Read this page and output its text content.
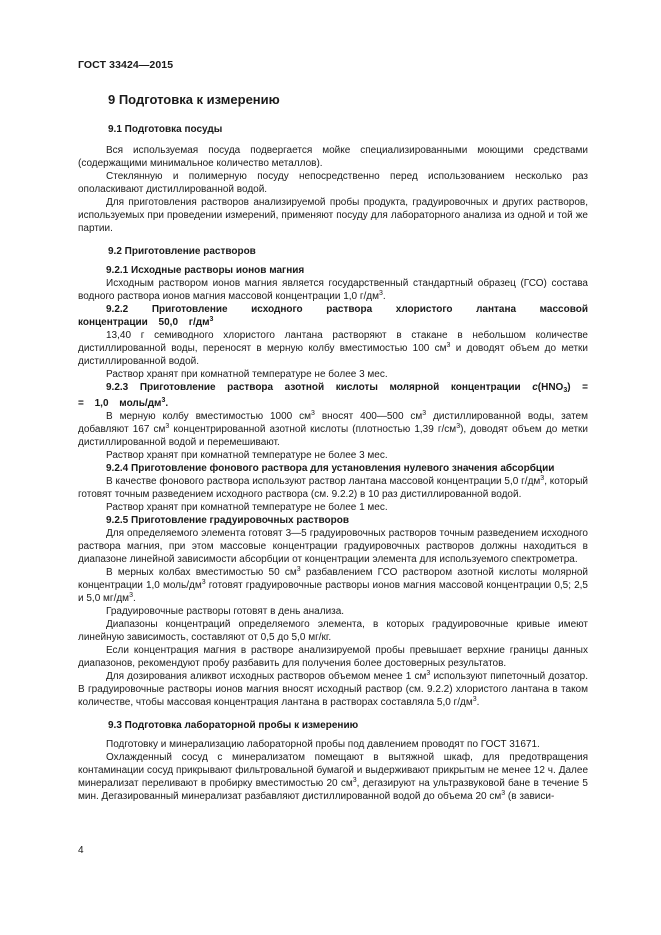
ГОСТ 33424—2015
9 Подготовка к измерению
9.1 Подготовка посуды

Вся используемая посуда подвергается мойке специализированными моющими средствами (содержащими минимальное количество металлов).

Стеклянную и полимерную посуду непосредственно перед использованием несколько раз ополаскивают дистиллированной водой.

Для приготовления растворов анализируемой пробы продукта, градуировочных и других растворов, используемых при проведении измерений, применяют посуду для лабораторного анализа из одной и той же партии.

9.2 Приготовление растворов

9.2.1 Исходные растворы ионов магния

Исходным раствором ионов магния является государственный стандартный образец (ГСО) состава водного раствора ионов магния массовой концентрации 1,0 $г/дм^3$.

9.2.2 Приготовление исходного раствора хлористого лантана массовой концентрации 50,0 $г/дм^3$

13,40 г семиводного хлористого лантана растворяют в стакане в небольшом количестве дистиллированной воды, переносят в мерную колбу вместимостью 100 $см^3$ и доводят объем до метки дистиллированной водой.

Раствор хранят при комнатной температуре не более 3 мес.

9.2.3 Приготовление раствора азотной кислоты молярной концентрации $c(HNO_3)$ = = 1,0 моль/$дм^3$.

В мерную колбу вместимостью 1000 $см^3$ вносят 400—500 $см^3$ дистиллированной воды, затем добавляют 167 $см^3$ концентрированной азотной кислоты (плотностью 1,39 $г/см^3$), доводят объем до метки дистиллированной водой и перемешивают.

Раствор хранят при комнатной температуре не более 3 мес.

9.2.4 Приготовление фонового раствора для установления нулевого значения абсорбции

В качестве фонового раствора используют раствор лантана массовой концентрации 5,0 $г/дм^3$, который готовят точным разведением исходного раствора (см. 9.2.2) в 10 раз дистиллированной водой.

Раствор хранят при комнатной температуре не более 1 мес.

9.2.5 Приготовление градуировочных растворов

Для определяемого элемента готовят 3—5 градуировочных растворов точным разведением исходного раствора магния, при этом массовые концентрации градуировочных растворов должны находиться в диапазоне линейной зависимости абсорбции от концентрации элемента для используемого спектрометра.

В мерных колбах вместимостью 50 $см^3$ разбавлением ГСО раствором азотной кислоты молярной концентрации 1,0 моль/$дм^3$ готовят градуировочные растворы ионов магния массовой концентрации 0,5; 2,5 и 5,0 $мг/дм^3$.

Градуировочные растворы готовят в день анализа.

Диапазоны концентраций определяемого элемента, в которых градуировочные кривые имеют линейную зависимость, составляют от 0,5 до 5,0 мг/кг.

Если концентрация магния в растворе анализируемой пробы превышает верхние границы данных диапазонов, рекомендуют пробу разбавить для получения более достоверных результатов.

Для дозирования аликвот исходных растворов объемом менее 1 $см^3$ используют пипеточный дозатор. В градуировочные растворы ионов магния вносят исходный раствор (см. 9.2.2) хлористого лантана в таком количестве, чтобы массовая концентрация лантана в растворах составляла 5,0 $г/дм^3$.

9.3 Подготовка лабораторной пробы к измерению

Подготовку и минерализацию лабораторной пробы под давлением проводят по ГОСТ 31671.

Охлажденный сосуд с минерализатом помещают в вытяжной шкаф, для предотвращения контаминации сосуд прикрывают фильтровальной бумагой и выдерживают прикрытым не менее 12 ч. Далее минерализат переливают в пробирку вместимостью 20 $см^3$, дегазируют на ультразвуковой бане в течение 5 мин. Дегазированный минерализат разбавляют дистиллированной водой до объема 20 $см^3$ (в зависи-

4
